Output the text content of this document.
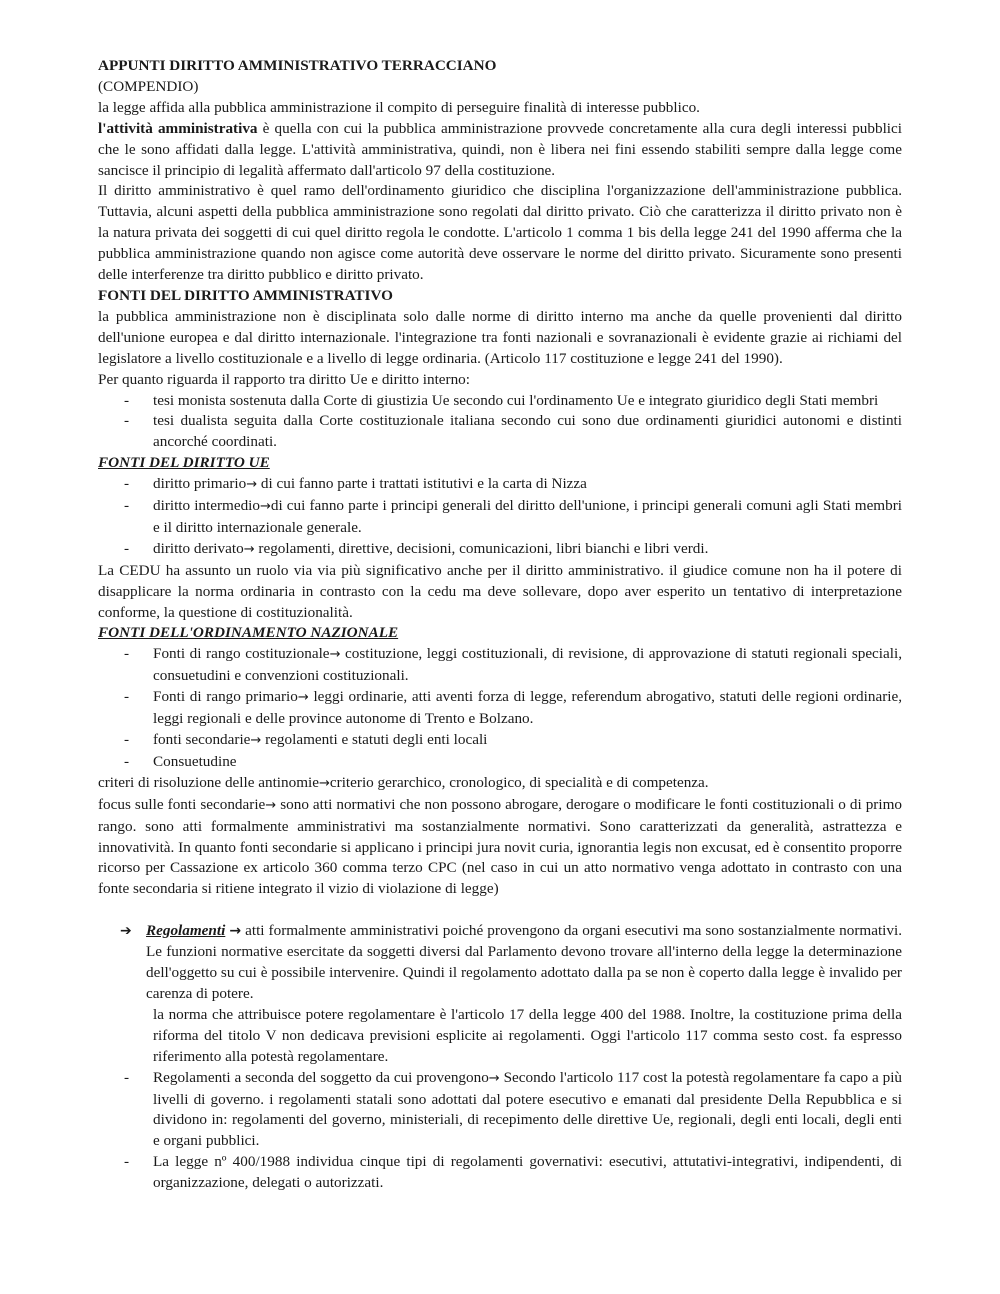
APPUNTI DIRITTO AMMINISTRATIVO TERRACCIANO

(COMPENDIO)

la legge affida alla pubblica amministrazione il compito di perseguire finalità di interesse pubblico.

l'attività amministrativa è quella con cui la pubblica amministrazione provvede concretamente alla cura degli interessi pubblici che le sono affidati dalla legge. L'attività amministrativa, quindi, non è libera nei fini essendo stabiliti sempre dalla legge come sancisce il principio di legalità affermato dall'articolo 97 della costituzione.

Il diritto amministrativo è quel ramo dell'ordinamento giuridico che disciplina l'organizzazione dell'amministrazione pubblica. Tuttavia, alcuni aspetti della pubblica amministrazione sono regolati dal diritto privato. Ciò che caratterizza il diritto privato non è la natura privata dei soggetti di cui quel diritto regola le condotte. L'articolo 1 comma 1 bis della legge 241 del 1990 afferma che la pubblica amministrazione quando non agisce come autorità deve osservare le norme del diritto privato. Sicuramente sono presenti delle interferenze tra diritto pubblico e diritto privato.

FONTI DEL DIRITTO AMMINISTRATIVO

la pubblica amministrazione non è disciplinata solo dalle norme di diritto interno ma anche da quelle provenienti dal diritto dell'unione europea e dal diritto internazionale. l'integrazione tra fonti nazionali e sovranazionali è evidente grazie ai richiami del legislatore a livello costituzionale e a livello di legge ordinaria. (Articolo 117 costituzione e legge 241 del 1990).

Per quanto riguarda il rapporto tra diritto Ue e diritto interno:

- tesi monista sostenuta dalla Corte di giustizia Ue secondo cui l'ordinamento Ue e integrato giuridico degli Stati membri
- tesi dualista seguita dalla Corte costituzionale italiana secondo cui sono due ordinamenti giuridici autonomi e distinti ancorché coordinati.

FONTI DEL DIRITTO UE

- diritto primario→ di cui fanno parte i trattati istitutivi e la carta di Nizza
- diritto intermedio→di cui fanno parte i principi generali del diritto dell'unione, i principi generali comuni agli Stati membri e il diritto internazionale generale.
- diritto derivato→ regolamenti, direttive, decisioni, comunicazioni, libri bianchi e libri verdi.

La CEDU ha assunto un ruolo via via più significativo anche per il diritto amministrativo. il giudice comune non ha il potere di disapplicare la norma ordinaria in contrasto con la cedu ma deve sollevare, dopo aver esperito un tentativo di interpretazione conforme, la questione di costituzionalità.

FONTI DELL'ORDINAMENTO NAZIONALE

- Fonti di rango costituzionale→ costituzione, leggi costituzionali, di revisione, di approvazione di statuti regionali speciali, consuetudini e convenzioni costituzionali.
- Fonti di rango primario→ leggi ordinarie, atti aventi forza di legge, referendum abrogativo, statuti delle regioni ordinarie, leggi regionali e delle province autonome di Trento e Bolzano.
- fonti secondarie→ regolamenti e statuti degli enti locali
- Consuetudine

criteri di risoluzione delle antinomie→criterio gerarchico, cronologico, di specialità e di competenza.

focus sulle fonti secondarie→ sono atti normativi che non possono abrogare, derogare o modificare le fonti costituzionali o di primo rango. sono atti formalmente amministrativi ma sostanzialmente normativi. Sono caratterizzati da generalità, astrattezza e innovatività. In quanto fonti secondarie si applicano i principi jura novit curia, ignorantia legis non excusat, ed è consentito proporre ricorso per Cassazione ex articolo 360 comma terzo CPC (nel caso in cui un atto normativo venga adottato in contrasto con una fonte secondaria si ritiene integrato il vizio di violazione di legge)

➔ Regolamenti → atti formalmente amministrativi poiché provengono da organi esecutivi ma sono sostanzialmente normativi. Le funzioni normative esercitate da soggetti diversi dal Parlamento devono trovare all'interno della legge la determinazione dell'oggetto su cui è possibile intervenire. Quindi il regolamento adottato dalla pa se non è coperto dalla legge è invalido per carenza di potere.

la norma che attribuisce potere regolamentare è l'articolo 17 della legge 400 del 1988. Inoltre, la costituzione prima della riforma del titolo V non dedicava previsioni esplicite ai regolamenti. Oggi l'articolo 117 comma sesto cost. fa espresso riferimento alla potestà regolamentare.

- Regolamenti a seconda del soggetto da cui provengono→ Secondo l'articolo 117 cost la potestà regolamentare fa capo a più livelli di governo. i regolamenti statali sono adottati dal potere esecutivo e emanati dal presidente Della Repubblica e si dividono in: regolamenti del governo, ministeriali, di recepimento delle direttive Ue, regionali, degli enti locali, degli enti e organi pubblici.
- La legge nº 400/1988 individua cinque tipi di regolamenti governativi: esecutivi, attutativi-integrativi, indipendenti, di organizzazione, delegati o autorizzati.
